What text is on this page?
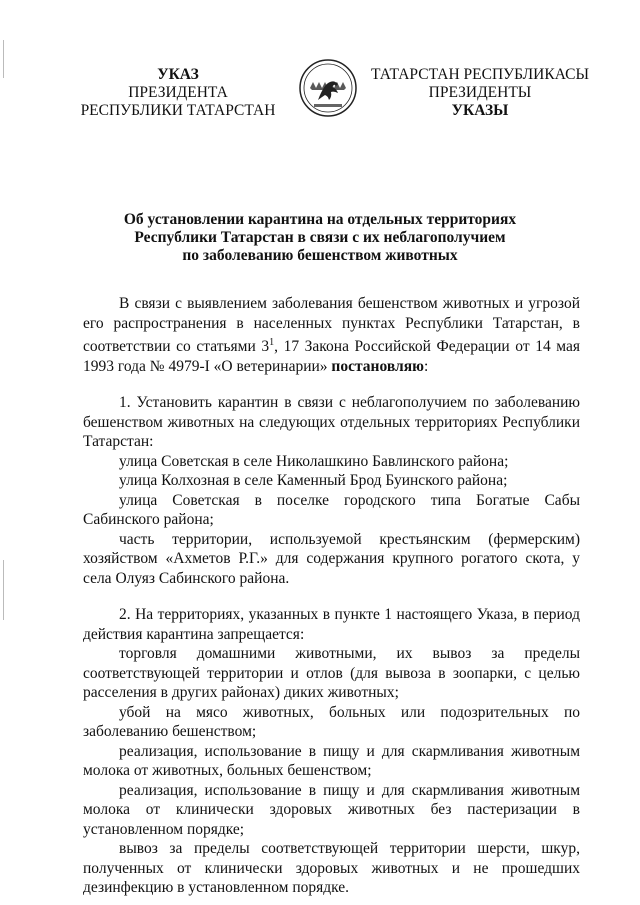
УКАЗ
ПРЕЗИДЕНТА
РЕСПУБЛИКИ ТАТАРСТАН
ТАТАРСТАН РЕСПУБЛИКАСЫ
ПРЕЗИДЕНТЫ
УКАЗЫ
Об установлении карантина на отдельных территориях
Республики Татарстан в связи с их неблагополучием
по заболеванию бешенством животных

В связи с выявлением заболевания бешенством животных и угрозой его распространения в населенных пунктах Республики Татарстан, в соответствии со статьями $3^1$, 17 Закона Российской Федерации от 14 мая 1993 года № 4979-I «О ветеринарии» постановляю:

1. Установить карантин в связи с неблагополучием по заболеванию бешенством животных на следующих отдельных территориях Республики Татарстан:

улица Советская в селе Николашкино Бавлинского района;

улица Колхозная в селе Каменный Брод Буинского района;

улица Советская в поселке городского типа Богатые Сабы Сабинского района;

часть территории, используемой крестьянским (фермерским) хозяйством «Ахметов Р.Г.» для содержания крупного рогатого скота, у села Олуяз Сабинского района.

2. На территориях, указанных в пункте 1 настоящего Указа, в период действия карантина запрещается:

торговля домашними животными, их вывоз за пределы соответствующей территории и отлов (для вывоза в зоопарки, с целью расселения в других районах) диких животных;

убой на мясо животных, больных или подозрительных по заболеванию бешенством;

реализация, использование в пищу и для скармливания животным молока от животных, больных бешенством;

реализация, использование в пищу и для скармливания животным молока от клинически здоровых животных без пастеризации в установленном порядке;

вывоз за пределы соответствующей территории шерсти, шкур, полученных от клинически здоровых животных и не прошедших дезинфекцию в установленном порядке.
